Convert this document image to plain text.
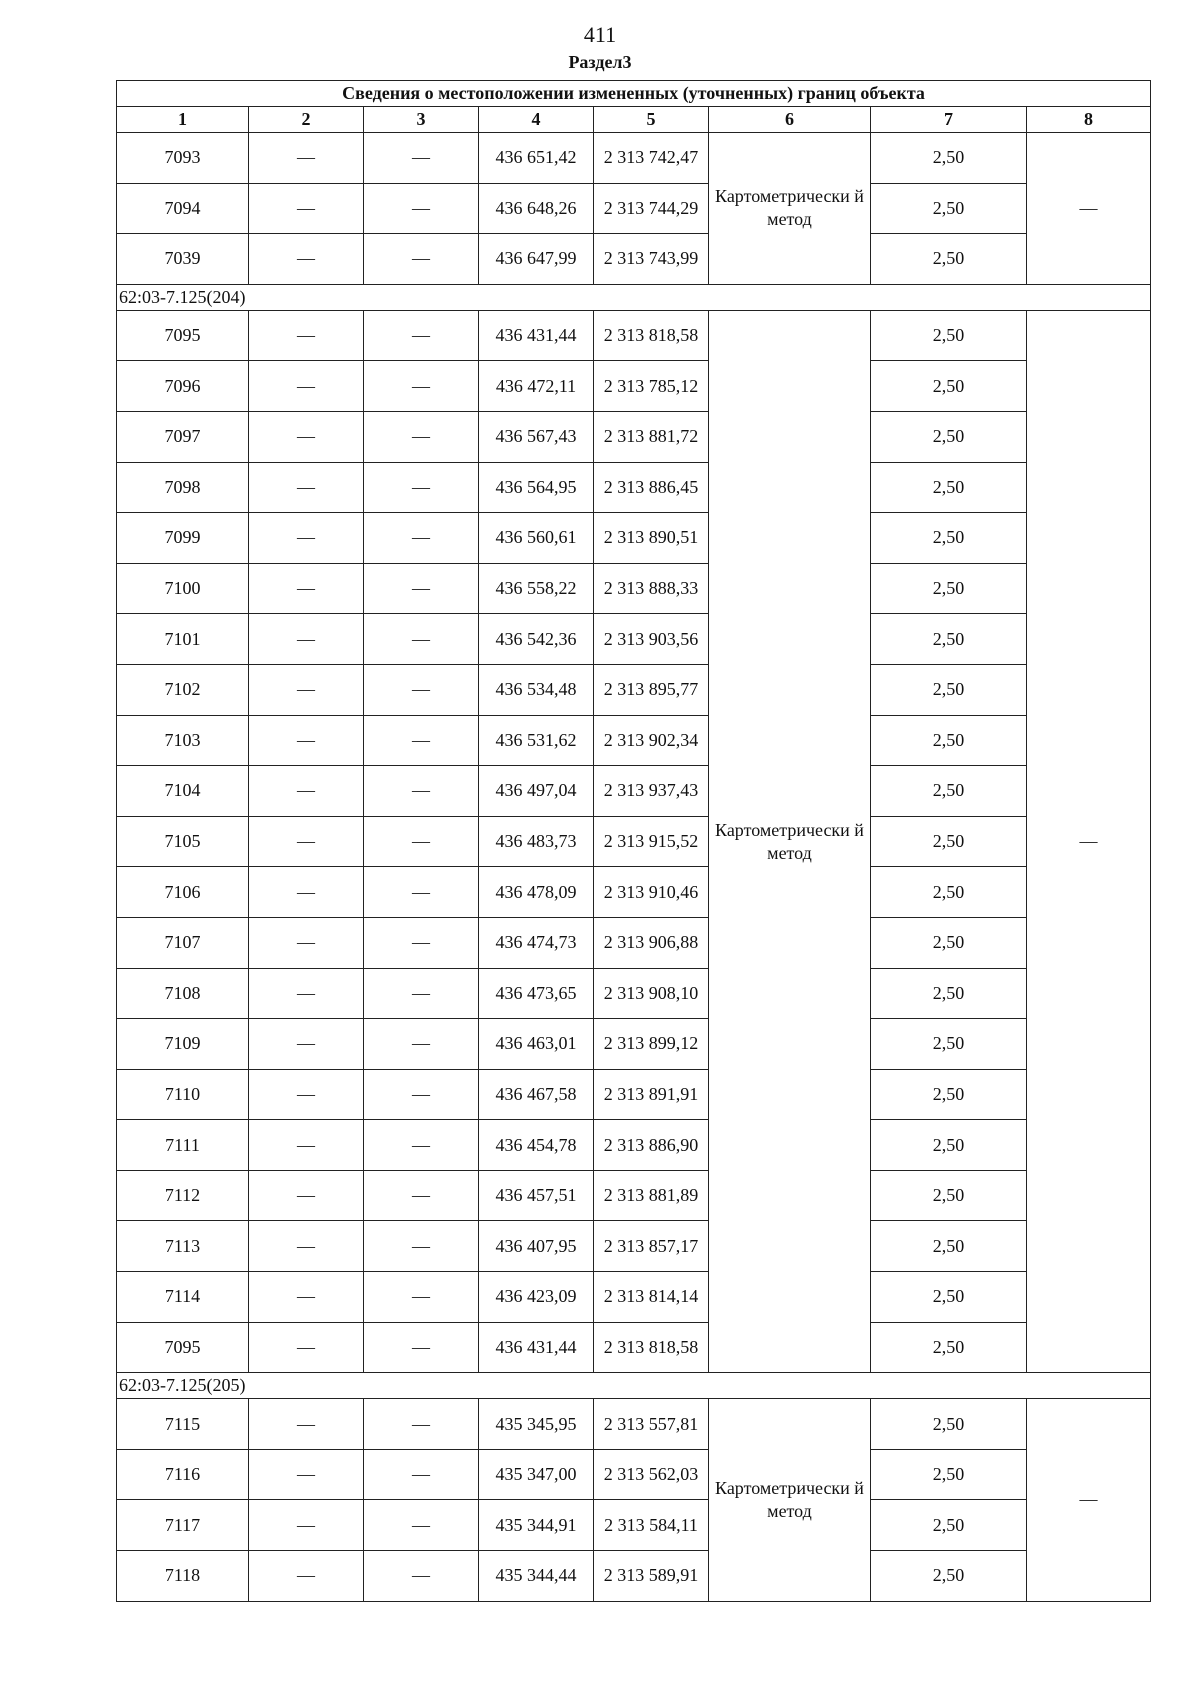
411
Раздел3
Сведения о местоположении измененных (уточненных) границ объекта							
1	2	3	4	5	6	7	8
7093	—	—	436 651,42	2 313 742,47	Картометрически й метод	2,50	—
7094	—	—	436 648,26	2 313 744,29		2,50	
7039	—	—	436 647,99	2 313 743,99		2,50	
62:03-7.125(204)							
7095	—	—	436 431,44	2 313 818,58	Картометрически й метод	2,50	—
7096	—	—	436 472,11	2 313 785,12		2,50	
7097	—	—	436 567,43	2 313 881,72		2,50	
7098	—	—	436 564,95	2 313 886,45		2,50	
7099	—	—	436 560,61	2 313 890,51		2,50	
7100	—	—	436 558,22	2 313 888,33		2,50	
7101	—	—	436 542,36	2 313 903,56		2,50	
7102	—	—	436 534,48	2 313 895,77		2,50	
7103	—	—	436 531,62	2 313 902,34		2,50	
7104	—	—	436 497,04	2 313 937,43		2,50	
7105	—	—	436 483,73	2 313 915,52		2,50	
7106	—	—	436 478,09	2 313 910,46		2,50	
7107	—	—	436 474,73	2 313 906,88		2,50	
7108	—	—	436 473,65	2 313 908,10		2,50	
7109	—	—	436 463,01	2 313 899,12		2,50	
7110	—	—	436 467,58	2 313 891,91		2,50	
7111	—	—	436 454,78	2 313 886,90		2,50	
7112	—	—	436 457,51	2 313 881,89		2,50	
7113	—	—	436 407,95	2 313 857,17		2,50	
7114	—	—	436 423,09	2 313 814,14		2,50	
7095	—	—	436 431,44	2 313 818,58		2,50	
62:03-7.125(205)							
7115	—	—	435 345,95	2 313 557,81	Картометрически й метод	2,50	—
7116	—	—	435 347,00	2 313 562,03		2,50	
7117	—	—	435 344,91	2 313 584,11		2,50	
7118	—	—	435 344,44	2 313 589,91		2,50	
